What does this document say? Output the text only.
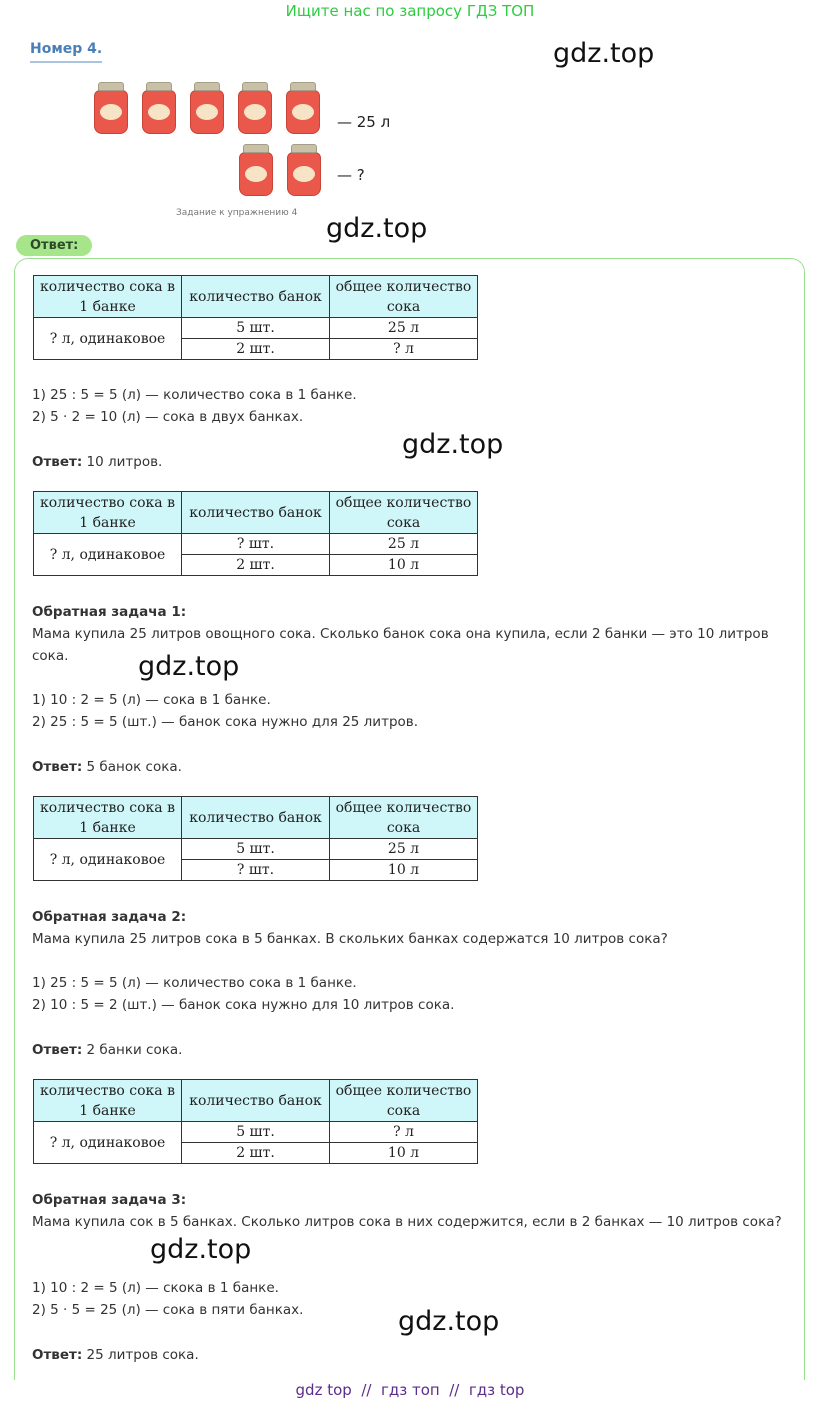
Ищите нас по запросу ГДЗ ТОП
Номер 4.	gdz.top
gdz.top
gdz.top
gdz.top
gdz.top
gdz.top
— 25 л
— ?
Задание к упражнению 4
Ответ:
количество сока в 1 банке	количество банок	общее количество сока
? л, одинаковое	5 шт.	25 л
	2 шт.	? л
1) 25 : 5 = 5 (л) — количество сока в 1 банке.
2) 5 · 2 = 10 (л) — сока в двух банках.
Ответ: 10 литров.
количество сока в 1 банке	количество банок	общее количество сока
? л, одинаковое	? шт.	25 л
	2 шт.	10 л
Обратная задача 1:
Мама купила 25 литров овощного сока. Сколько банок сока она купила, если 2 банки — это 10 литров сока.
1) 10 : 2 = 5 (л) — сока в 1 банке.
2) 25 : 5 = 5 (шт.) — банок сока нужно для 25 литров.
Ответ: 5 банок сока.
количество сока в 1 банке	количество банок	общее количество сока
? л, одинаковое	5 шт.	25 л
	? шт.	10 л
Обратная задача 2:
Мама купила 25 литров сока в 5 банках. В скольких банках содержатся 10 литров сока?
1) 25 : 5 = 5 (л) — количество сока в 1 банке.
2) 10 : 5 = 2 (шт.) — банок сока нужно для 10 литров сока.
Ответ: 2 банки сока.
количество сока в 1 банке	количество банок	общее количество сока
? л, одинаковое	5 шт.	? л
	2 шт.	10 л
Обратная задача 3:
Мама купила сок в 5 банках. Сколько литров сока в них содержится, если в 2 банках — 10 литров сока?
1) 10 : 2 = 5 (л) — скока в 1 банке.
2) 5 · 5 = 25 (л) — сока в пяти банках.
Ответ: 25 литров сока.
gdz top  //  гдз топ  //  гдз top
